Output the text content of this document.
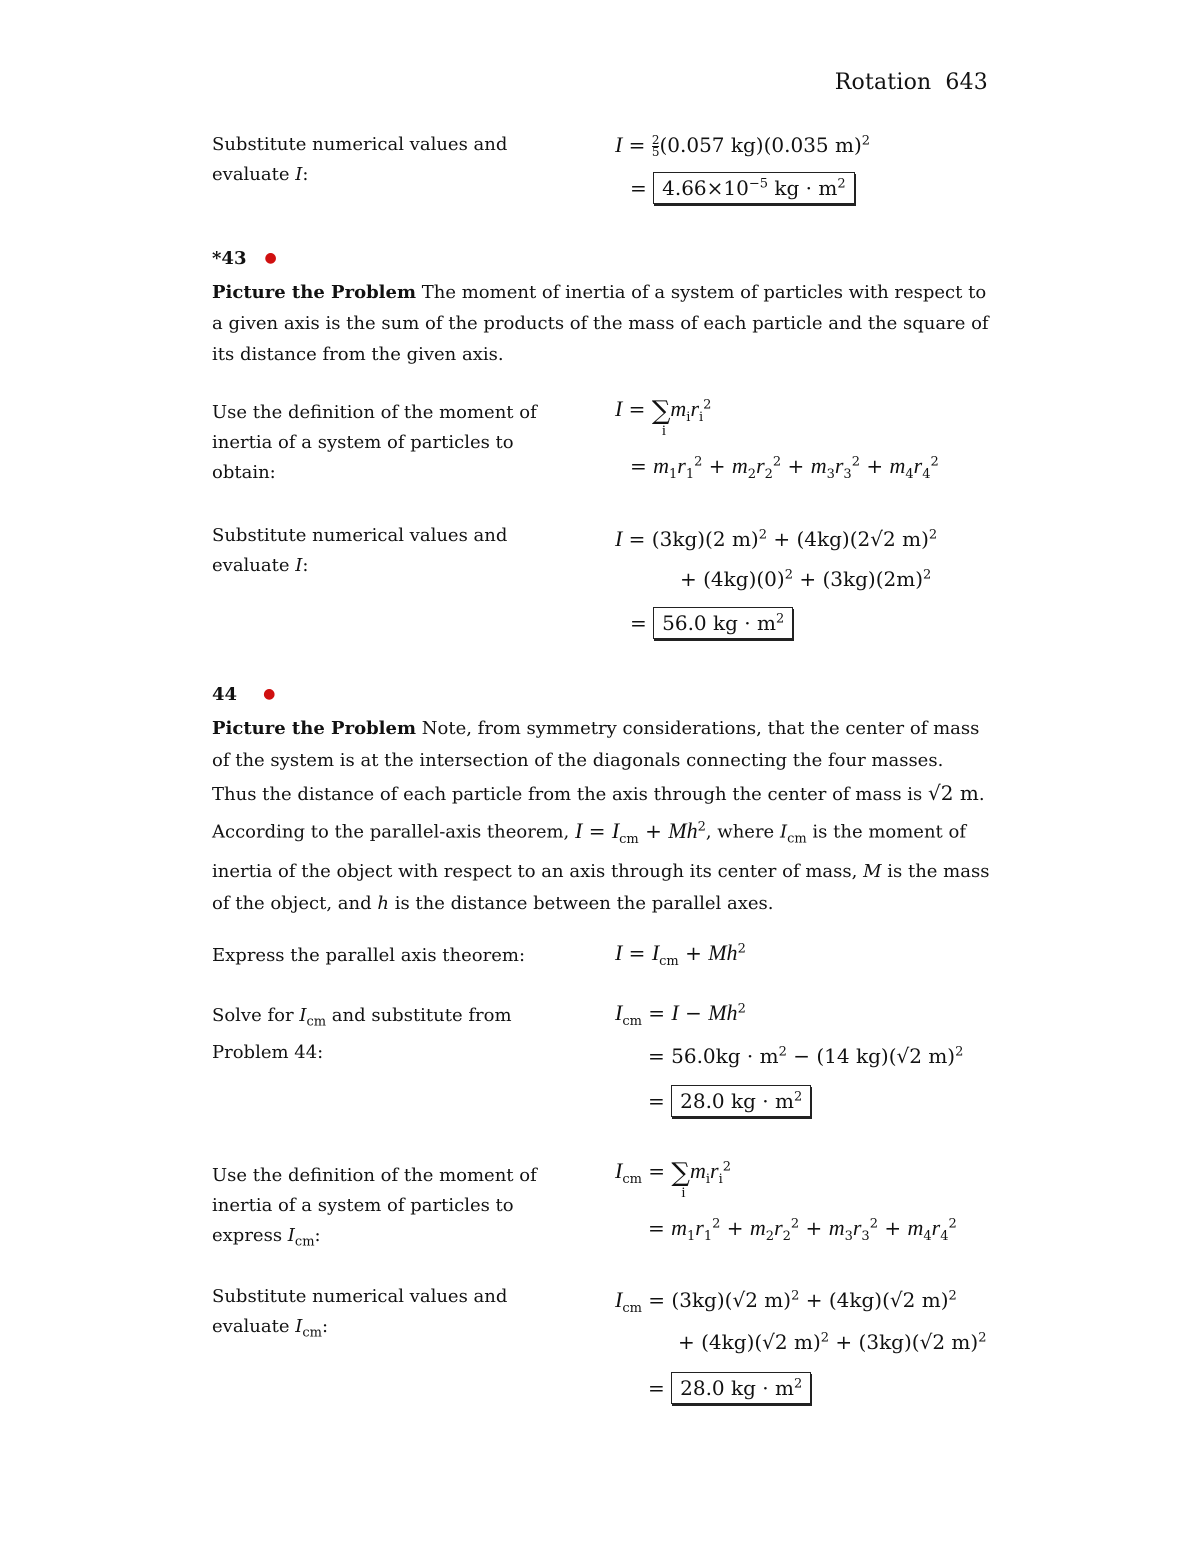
Rotation 643
Substitute numerical values and
evaluate I:
$I = \frac{2}{5} (0.057$ kg)(0.035 m)$^2$
= $4.66\times 10^{-5}$ kg · $m^2$
*43 ●
Picture the Problem The moment of inertia of a system of particles with respect to a given axis is the sum of the products of the mass of each particle and the square of its distance from the given axis.
Use the definition of the moment of inertia of a system of particles to obtain:
I = ∑
i
$m_ir_i^2$
= $m_1r_1^2 + m_2r_2^2 + m_3r_3^2 + m_4r_4^2$
Substitute numerical values and
evaluate I:
I = (3kg)(2 m)$^2$ + (4kg)(2√2 m)$^2$
+ $(4kg)(0)^2 + (3kg)(2m)^2$
= 56.0 kg · $m^2$
44 ●
Picture the Problem Note, from symmetry considerations, that the center of mass of the system is at the intersection of the diagonals connecting the four masses. Thus the distance of each particle from the axis through the center of mass is √2 m. According to the parallel-axis theorem, $I = I_{cm} + Mh^2$, where $I_{cm}$ is the moment of inertia of the object with respect to an axis through its center of mass, M is the mass of the object, and h is the distance between the parallel axes.
Express the parallel axis theorem:	$I = I_{cm} + Mh^2$
Solve for $I_{cm}$ and substitute from Problem 44:
$I_{cm} = I - Mh^2$
= $56.0kg \cdot m^2 - (14$ kg)(√2 m)$^2$
= 28.0 kg · $m^2$
Use the definition of the moment of inertia of a system of particles to express $I_{cm}$:
$I_{cm}$ = ∑
i
$m_ir_i^2$
= $m_1r_1^2 + m_2r_2^2 + m_3r_3^2 + m_4r_4^2$
Substitute numerical values and evaluate $I_{cm}$:
$I_{cm} = (3kg)(√2$ m)$^2$ + (4kg)(√2 m)$^2$
+ (4kg)(√2 m)$^2$ + (3kg)(√2 m)$^2$
= 28.0 kg · $m^2$
